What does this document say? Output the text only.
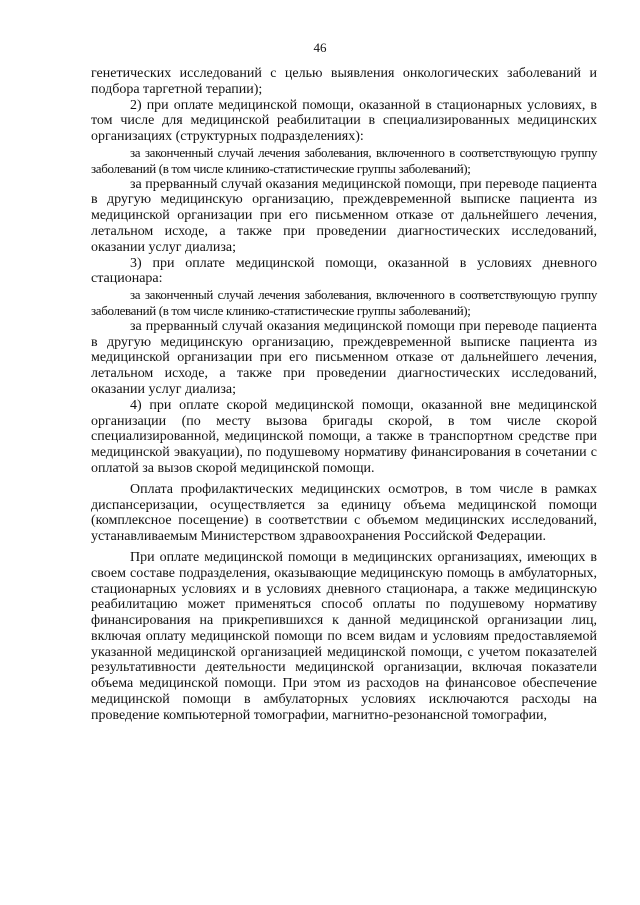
46

генетических исследований с целью выявления онкологических заболеваний и подбора таргетной терапии);

2) при оплате медицинской помощи, оказанной в стационарных условиях, в том числе для медицинской реабилитации в специализированных медицинских организациях (структурных подразделениях):

за законченный случай лечения заболевания, включенного в соответствующую группу заболеваний (в том числе клинико-статистические группы заболеваний);

за прерванный случай оказания медицинской помощи, при переводе пациента в другую медицинскую организацию, преждевременной выписке пациента из медицинской организации при его письменном отказе от дальнейшего лечения, летальном исходе, а также при проведении диагностических исследований, оказании услуг диализа;

3) при оплате медицинской помощи, оказанной в условиях дневного стационара:

за законченный случай лечения заболевания, включенного в соответствующую группу заболеваний (в том числе клинико-статистические группы заболеваний);

за прерванный случай оказания медицинской помощи при переводе пациента в другую медицинскую организацию, преждевременной выписке пациента из медицинской организации при его письменном отказе от дальнейшего лечения, летальном исходе, а также при проведении диагностических исследований, оказании услуг диализа;

4) при оплате скорой медицинской помощи, оказанной вне медицинской организации (по месту вызова бригады скорой, в том числе скорой специализированной, медицинской помощи, а также в транспортном средстве при медицинской эвакуации), по подушевому нормативу финансирования в сочетании с оплатой за вызов скорой медицинской помощи.

Оплата профилактических медицинских осмотров, в том числе в рамках диспансеризации, осуществляется за единицу объема медицинской помощи (комплексное посещение) в соответствии с объемом медицинских исследований, устанавливаемым Министерством здравоохранения Российской Федерации.

При оплате медицинской помощи в медицинских организациях, имеющих в своем составе подразделения, оказывающие медицинскую помощь в амбулаторных, стационарных условиях и в условиях дневного стационара, а также медицинскую реабилитацию может применяться способ оплаты по подушевому нормативу финансирования на прикрепившихся к данной медицинской организации лиц, включая оплату медицинской помощи по всем видам и условиям предоставляемой указанной медицинской организацией медицинской помощи, с учетом показателей результативности деятельности медицинской организации, включая показатели объема медицинской помощи. При этом из расходов на финансовое обеспечение медицинской помощи в амбулаторных условиях исключаются расходы на проведение компьютерной томографии, магнитно-резонансной томографии,
